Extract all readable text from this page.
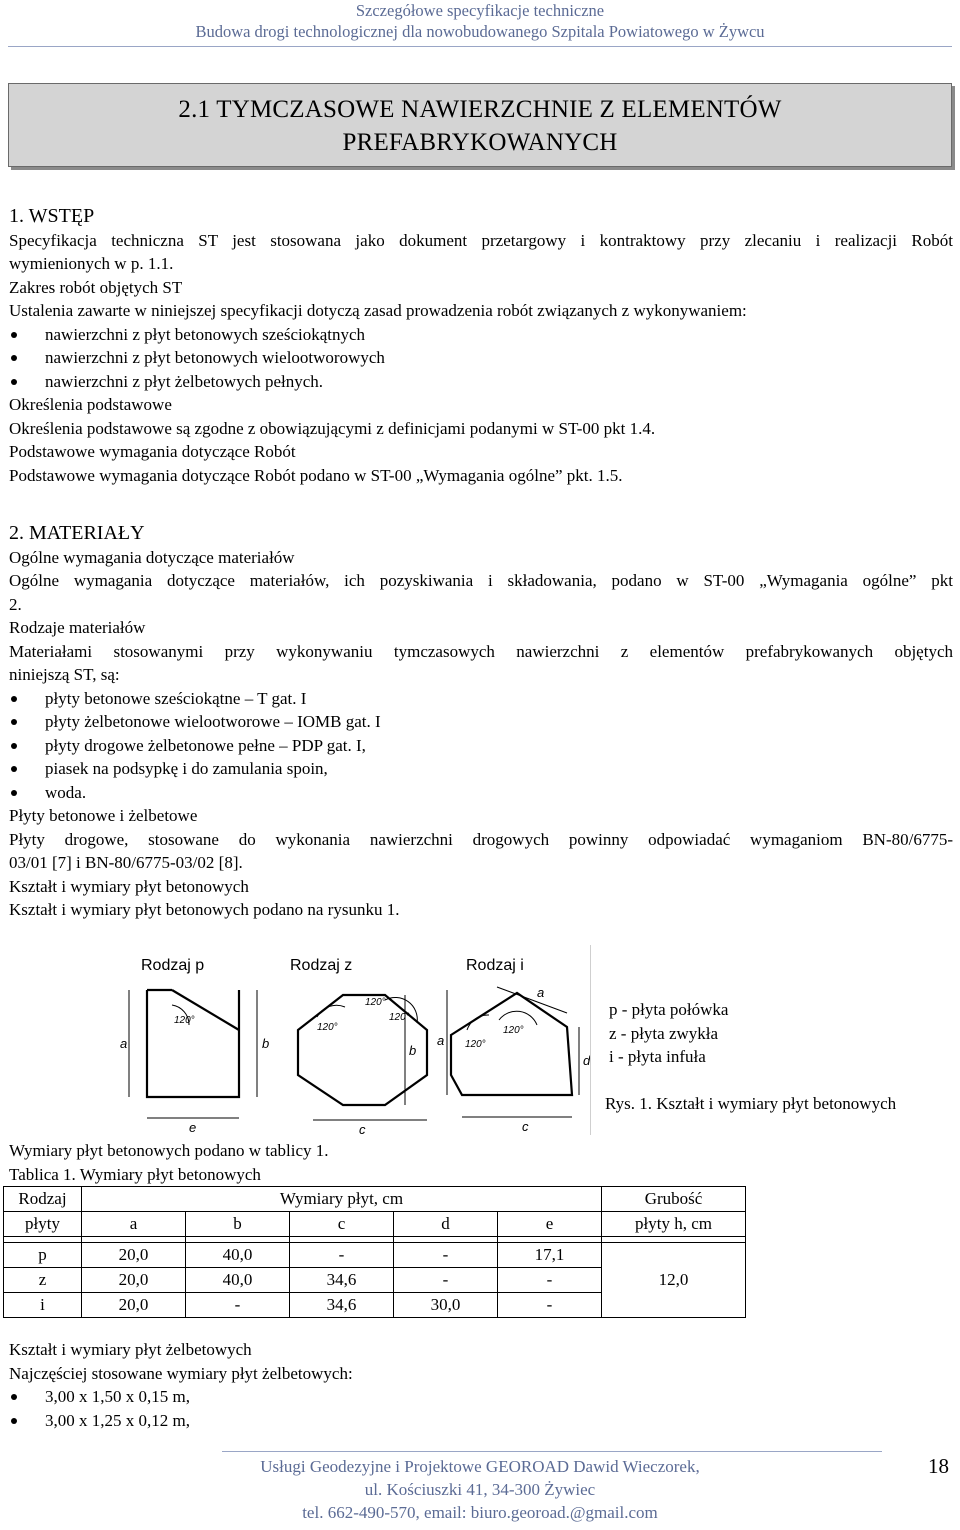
Szczegółowe specyfikacje techniczne
Budowa drogi technologicznej dla nowobudowanego Szpitala Powiatowego w Żywcu
2.1 TYMCZASOWE NAWIERZCHNIE Z ELEMENTÓW
PREFABRYKOWANYCH
1. WSTĘP
Specyfikacja techniczna ST jest stosowana jako dokument przetargowy i kontraktowy przy zlecaniu i realizacji Robót
wymienionych w p. 1.1.
Zakres robót objętych ST
Ustalenia zawarte w niniejszej specyfikacji dotyczą zasad prowadzenia robót związanych z wykonywaniem:
nawierzchni z płyt betonowych sześciokątnych
nawierzchni z płyt betonowych wielootworowych
nawierzchni z płyt żelbetowych pełnych.
Określenia podstawowe
Określenia podstawowe są zgodne z obowiązującymi z definicjami podanymi w ST-00 pkt 1.4.
Podstawowe wymagania dotyczące Robót
Podstawowe wymagania dotyczące Robót podano w ST-00 „Wymagania ogólne” pkt. 1.5.
2. MATERIAŁY
Ogólne wymagania dotyczące materiałów
Ogólne wymagania dotyczące materiałów, ich pozyskiwania i składowania, podano w ST-00 „Wymagania ogólne” pkt
2.
Rodzaje materiałów
Materiałami stosowanymi przy wykonywaniu tymczasowych nawierzchni z elementów prefabrykowanych objętych
niniejszą ST, są:
płyty betonowe sześciokątne – T gat. I
płyty żelbetonowe wielootworowe – IOMB gat. I
płyty drogowe żelbetonowe pełne – PDP gat. I,
piasek na podsypkę i do zamulania spoin,
woda.
Płyty betonowe i żelbetowe
Płyty drogowe, stosowane do wykonania nawierzchni drogowych powinny odpowiadać wymaganiom BN-80/6775-
03/01 [7] i BN-80/6775-03/02 [8].
Kształt i wymiary płyt betonowych
Kształt i wymiary płyt betonowych podano na rysunku 1.
Rodzaj p	Rodzaj z	Rodzaj i
a	b
e
120°
c
b
120°
120°
120°
c
d
a
120°
120°
a
p - płyta połówka
z - płyta zwykła
i - płyta infuła
Rys. 1. Kształt i wymiary płyt betonowych
Wymiary płyt betonowych podano w tablicy 1.
Tablica 1. Wymiary płyt betonowych
Rodzaj	Wymiary płyt, cm					Grubość
płyty	a	b	c	d	e	płyty h, cm

p	20,0	40,0	-	-	17,1	12,0
z	20,0	40,0	34,6	-	-	
i	20,0	-	34,6	30,0	-	
Kształt i wymiary płyt żelbetowych
Najczęściej stosowane wymiary płyt żelbetowych:
3,00 x 1,50 x 0,15 m,
3,00 x 1,25 x 0,12 m,
Usługi Geodezyjne i Projektowe GEOROAD Dawid Wieczorek,
ul. Kościuszki 41, 34-300 Żywiec
tel. 662-490-570, email: biuro.georoad.@gmail.com
18
